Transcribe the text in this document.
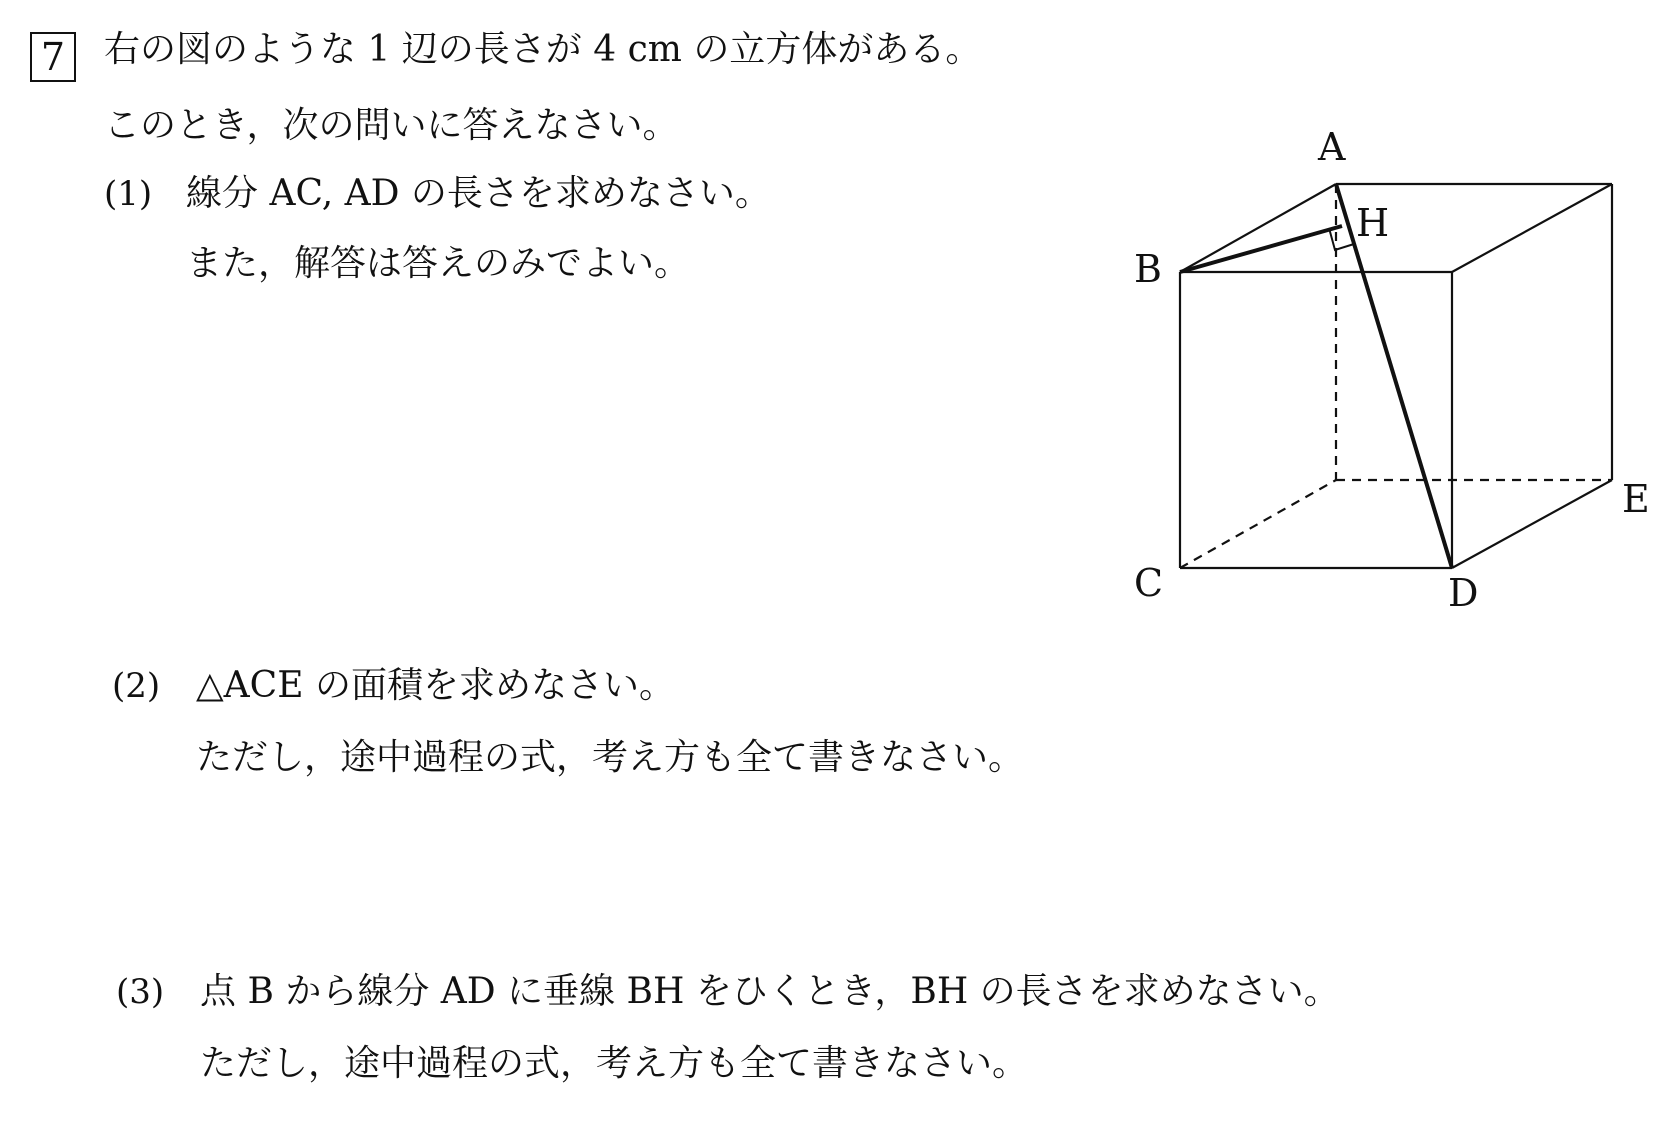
7	右の図のような 1 辺の長さが 4 cm の立方体がある。
このとき，次の問いに答えなさい。
(1) 線分 AC, AD の長さを求めなさい。
また，解答は答えのみでよい。
(2) △ACE の面積を求めなさい。
ただし，途中過程の式，考え方も全て書きなさい。
(3) 点 B から線分 AD に垂線 BH をひくとき，BH の長さを求めなさい。
ただし，途中過程の式，考え方も全て書きなさい。
A
B
H
C	D
E
